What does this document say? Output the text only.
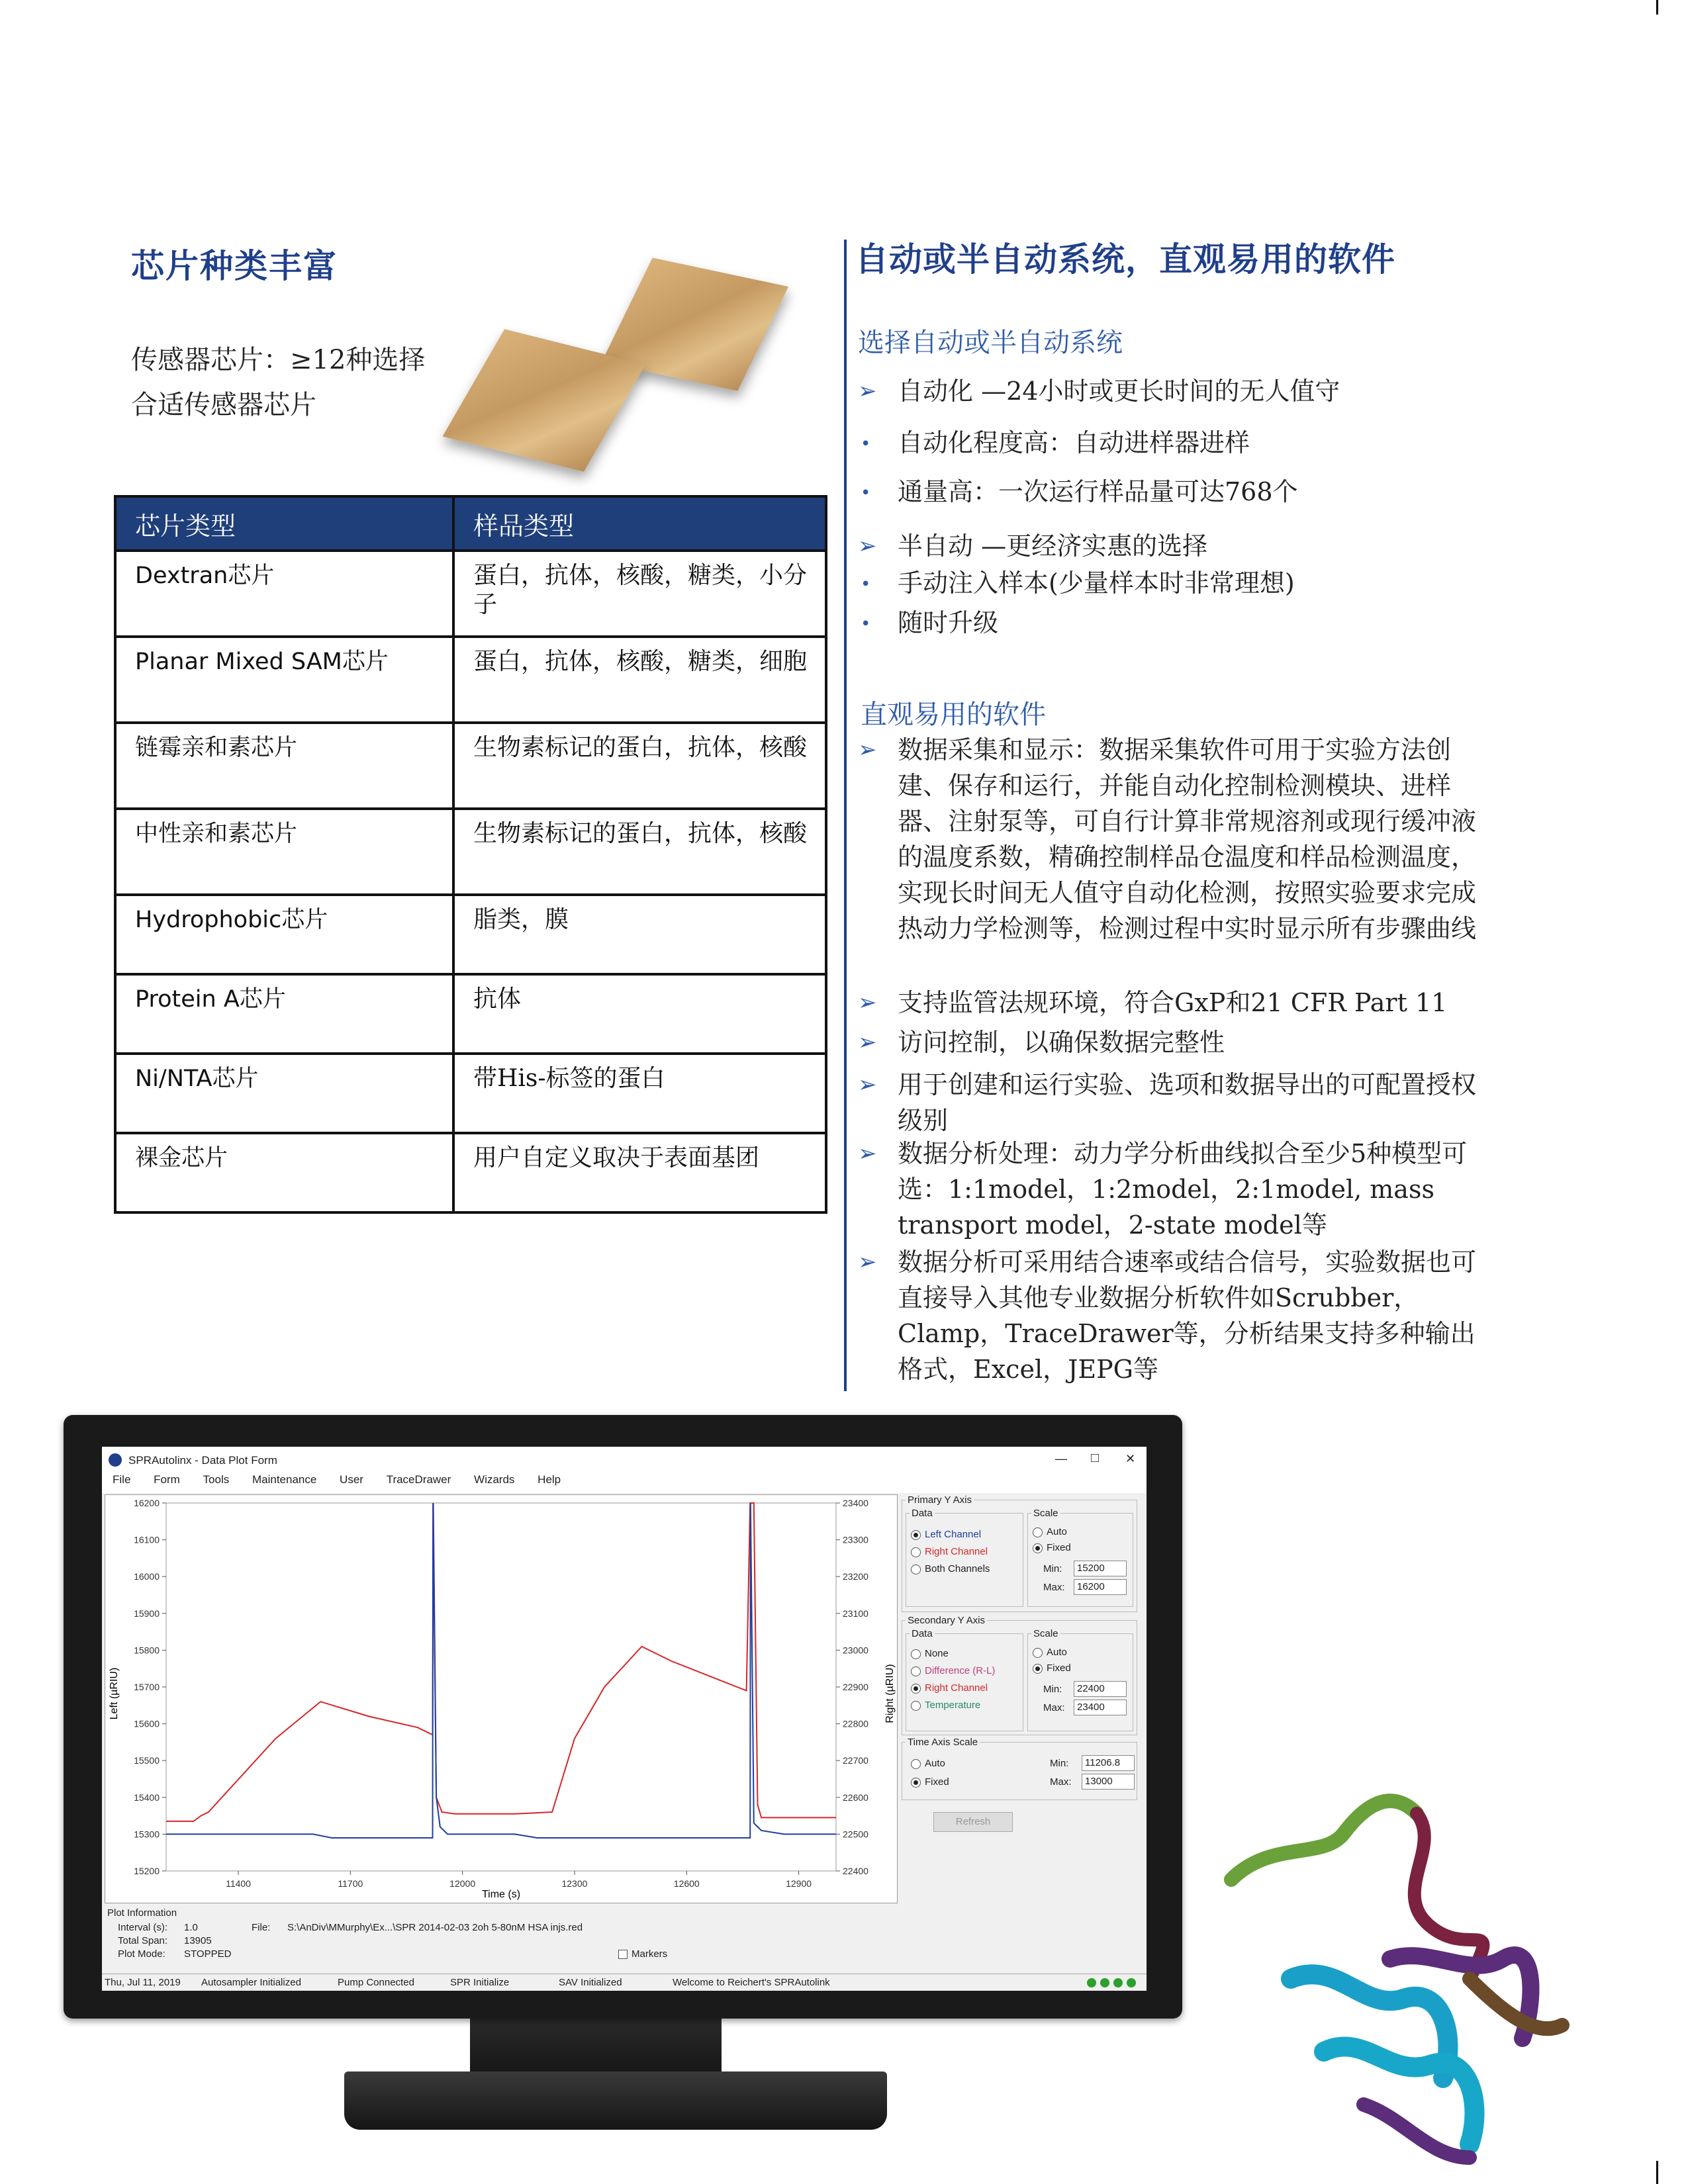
芯片种类丰富
传感器芯片：≥12种选择
合适传感器芯片
芯片类型	样品类型
Dextran芯片	蛋白，抗体，核酸，糖类，小分子
Planar Mixed SAM芯片	蛋白，抗体，核酸，糖类，细胞
链霉亲和素芯片	生物素标记的蛋白，抗体，核酸
中性亲和素芯片	生物素标记的蛋白，抗体，核酸
Hydrophobic芯片	脂类，膜
Protein A芯片	抗体
Ni/NTA芯片	带His-标签的蛋白
裸金芯片	用户自定义取决于表面基团
自动或半自动系统，直观易用的软件
选择自动或半自动系统
➢ 自动化 —24小时或更长时间的无人值守
•	自动化程度高：自动进样器进样
•	通量高：一次运行样品量可达768个
➢ 半自动 —更经济实惠的选择
•	手动注入样本(少量样本时非常理想)
•	随时升级
直观易用的软件
➢ 数据采集和显示：数据采集软件可用于实验方法创建、保存和运行，并能自动化控制检测模块、进样器、注射泵等，可自行计算非常规溶剂或现行缓冲液的温度系数，精确控制样品仓温度和样品检测温度，实现长时间无人值守自动化检测，按照实验要求完成热动力学检测等，检测过程中实时显示所有步骤曲线
➢ 支持监管法规环境，符合GxP和21 CFR Part 11
➢ 访问控制，以确保数据完整性
➢ 用于创建和运行实验、选项和数据导出的可配置授权级别
➢ 数据分析处理：动力学分析曲线拟合至少5种模型可选：1:1model，1:2model，2:1model, mass transport model，2-state model等
➢ 数据分析可采用结合速率或结合信号，实验数据也可直接导入其他专业数据分析软件如Scrubber，Clamp，TraceDrawer等，分析结果支持多种输出格式，Excel，JEPG等
SPRAutolinx - Data Plot Form	— □ ✕
File Form Tools Maintenance User TraceDrawer Wizards Help
16200
16100
16000
15900
15800
15700
15600
15500
15400
15300
15200
23400
23300
23200
23100
23000
22900
22800
22700
22600
22500
22400
11400	11700	12000	12300	12600	12900
Time (s)
Left (µRIU)	Right (µRIU)
Primary Y Axis
Data
Left Channel
Right Channel
Both Channels
Scale
Auto
Fixed
Min:	15200
Max:	16200
Secondary Y Axis
Data
None
Difference (R-L)
Right Channel
Temperature
Scale
Auto
Fixed
Min:	22400
Max:	23400
Time Axis Scale
Auto
Fixed
Min:	11206.8
Max:	13000
Refresh
Plot Information
Interval (s): 1.0
Total Span: 13905
Plot Mode: STOPPED
File: S:\AnDiv\MMurphy\Ex...\SPR 2014-02-03 2oh 5-80nM HSA injs.red
Markers
Thu, Jul 11, 2019 Autosampler Initialized	Pump Connected	SPR Initialize	SAV Initialized	Welcome to Reichert's SPRAutolink
